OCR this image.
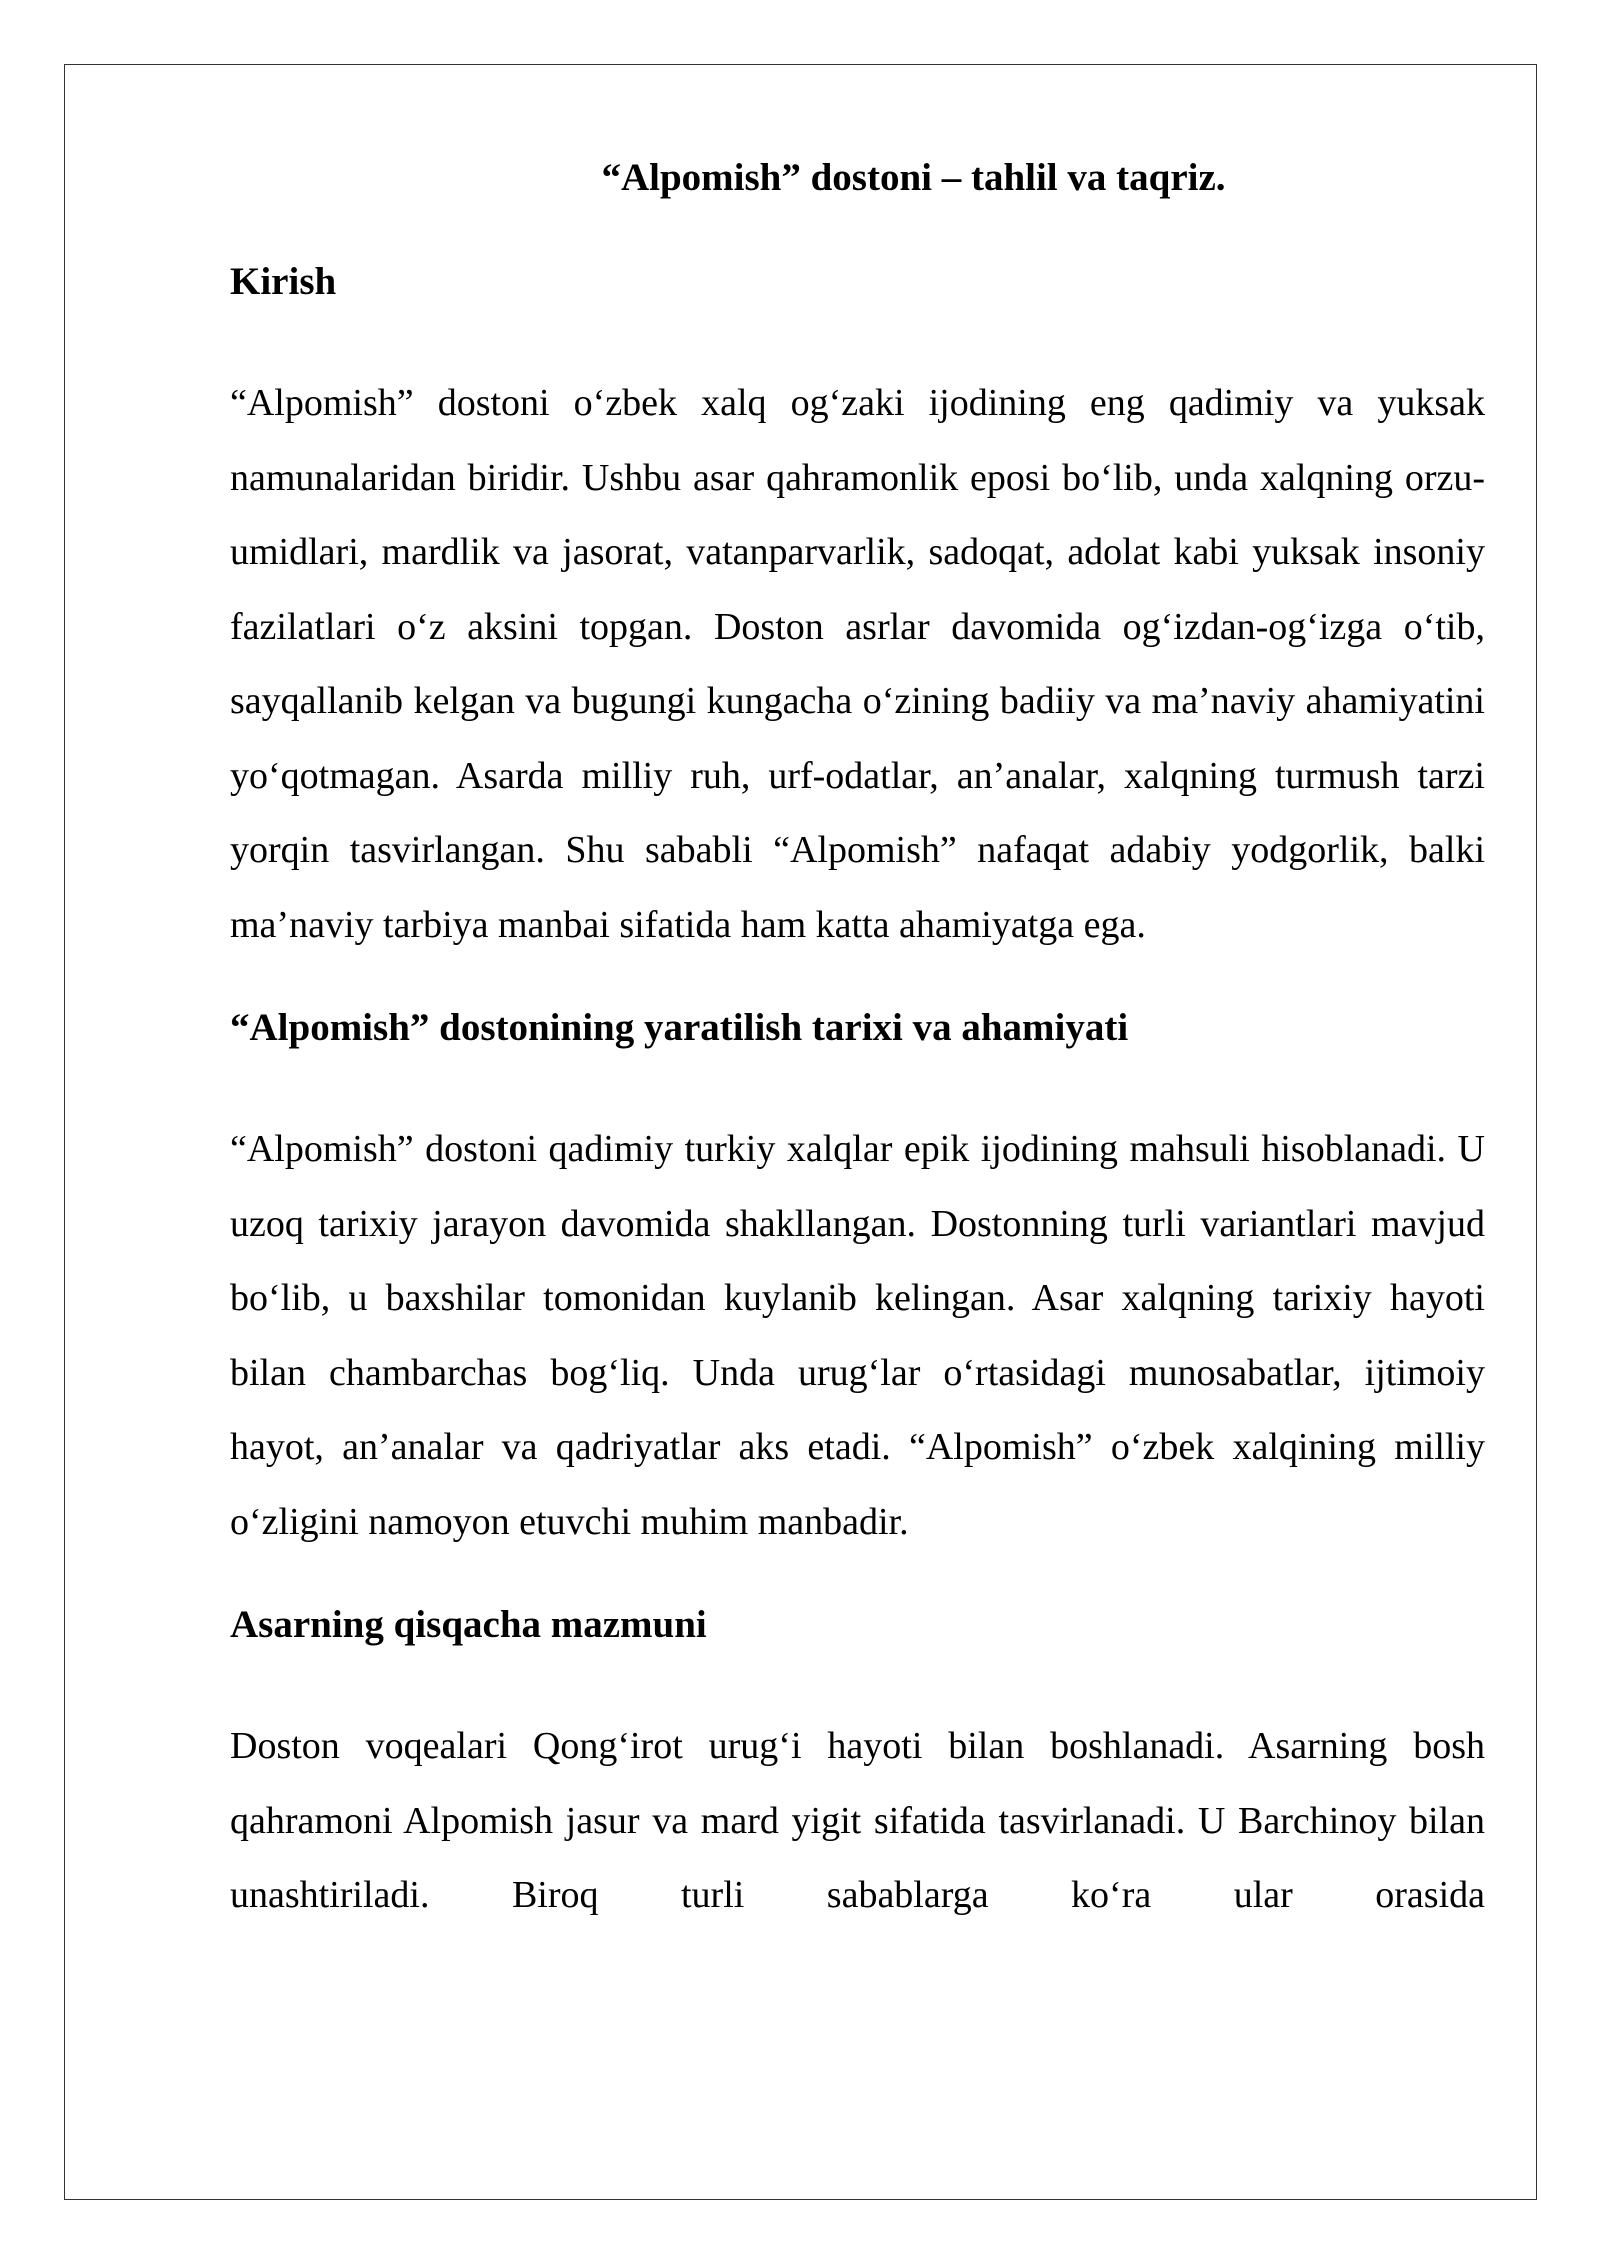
“Alpomish” dostoni – tahlil va taqriz.
Kirish
“Alpomish” dostoni o‘zbek xalq og‘zaki ijodining eng qadimiy va yuksak namunalaridan biridir. Ushbu asar qahramonlik eposi bo‘lib, unda xalqning orzu-umidlari, mardlik va jasorat, vatanparvarlik, sadoqat, adolat kabi yuksak insoniy fazilatlari o‘z aksini topgan. Doston asrlar davomida og‘izdan-og‘izga o‘tib, sayqallanib kelgan va bugungi kungacha o‘zining badiiy va ma’naviy ahamiyatini yo‘qotmagan. Asarda milliy ruh, urf-odatlar, an’analar, xalqning turmush tarzi yorqin tasvirlangan. Shu sababli “Alpomish” nafaqat adabiy yodgorlik, balki ma’naviy tarbiya manbai sifatida ham katta ahamiyatga ega.
“Alpomish” dostonining yaratilish tarixi va ahamiyati
“Alpomish” dostoni qadimiy turkiy xalqlar epik ijodining mahsuli hisoblanadi. U uzoq tarixiy jarayon davomida shakllangan. Dostonning turli variantlari mavjud bo‘lib, u baxshilar tomonidan kuylanib kelingan. Asar xalqning tarixiy hayoti bilan chambarchas bog‘liq. Unda urug‘lar o‘rtasidagi munosabatlar, ijtimoiy hayot, an’analar va qadriyatlar aks etadi. “Alpomish” o‘zbek xalqining milliy o‘zligini namoyon etuvchi muhim manbadir.
Asarning qisqacha mazmuni
Doston voqealari Qong‘irot urug‘i hayoti bilan boshlanadi. Asarning bosh qahramoni Alpomish jasur va mard yigit sifatida tasvirlanadi. U Barchinoy bilan unashtiriladi. Biroq turli sabablarga ko‘ra ular orasida
